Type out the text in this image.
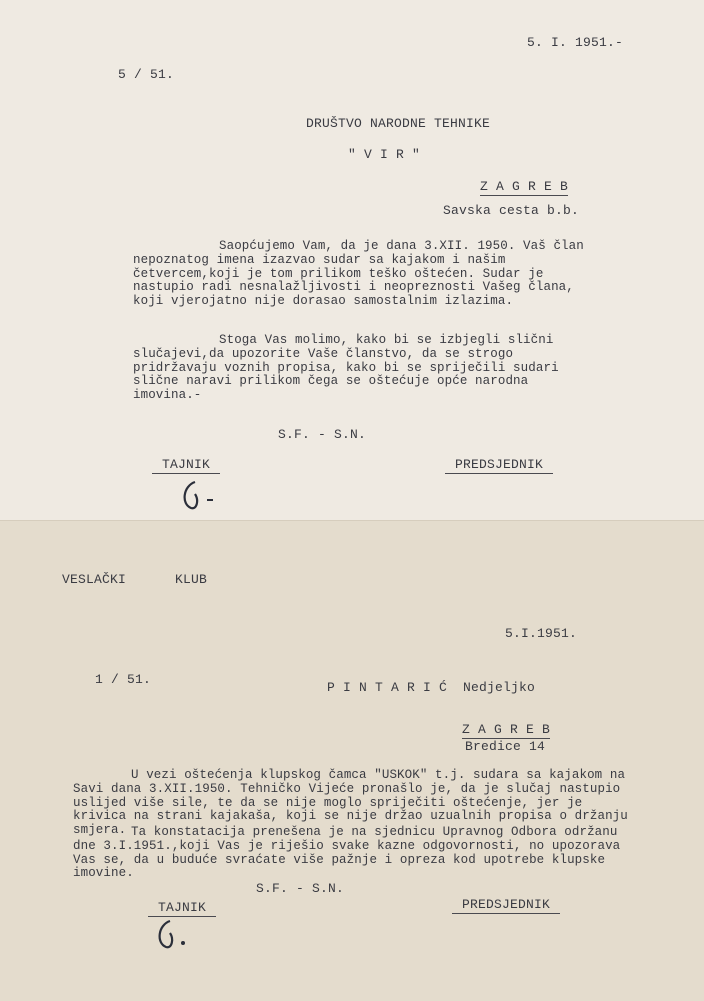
5. I. 1951.-
5 / 51.
DRUŠTVO NARODNE TEHNIKE
" V I R "
Z A G R E B
Savska cesta b.b.
Saopćujemo Vam, da je dana 3.XII. 1950. Vaš član nepoznatog imena izazvao sudar sa kajakom i našim četvercem,koji je tom prilikom teško oštećen. Sudar je nastupio radi nesnalažljivosti i neopreznosti Vašeg člana, koji vjerojatno nije dorasao samostalnim izlazima.
Stoga Vas molimo, kako bi se izbjegli slični slučajevi,da upozorite Vaše članstvo, da se strogo pridržavaju voznih propisa, kako bi se spriječili sudari slične naravi prilikom čega se oštećuje opće narodna imovina.-
S.F. - S.N.
TAJNIK	PREDSJEDNIK
VESLAČKI	KLUB
5.I.1951.
1 / 51.
P I N T A R I Ć  Nedjeljko
Z A G R E B
Bredice 14
U vezi oštećenja klupskog čamca "USKOK" t.j. sudara sa kajakom na Savi dana 3.XII.1950. Tehničko Vijeće pronašlo je, da je slučaj nastupio uslijed više sile, te da se nije moglo spriječiti oštećenje, jer je krivica na strani kajakaša, koji se nije držao uzualnih propisa o držanju smjera. Ta konstatacija prenešena je na sjednicu Upravnog Odbora održanu dne 3.I.1951.,koji Vas je riješio svake kazne odgovornosti, no upozorava Vas se, da u buduće svraćate više pažnje i opreza kod upotrebe klupske imovine.
S.F. - S.N.
TAJNIK	PREDSJEDNIK
